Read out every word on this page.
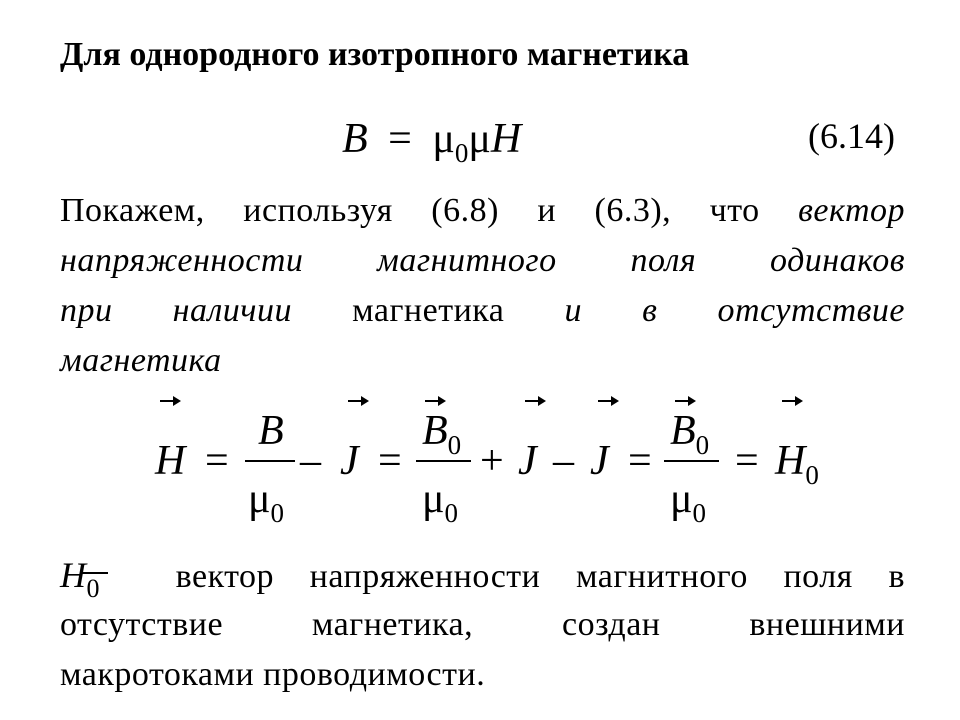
Для однородного изотропного магнетика
$B = \mu_0\mu H$	(6.14)
Покажем, используя (6.8) и (6.3), что вектор
напряженности магнитного поля одинаков
при наличии магнетика и в отсутствие
магнетика
H =
B
$\mu_0$
– J =
$B_0$
$\mu_0$
+ J – J =
$B_0$
$\mu_0$
= $H_0$
$H_0$
вектор напряженности магнитного поля в
отсутствие магнетика, создан внешними
макротоками проводимости.
